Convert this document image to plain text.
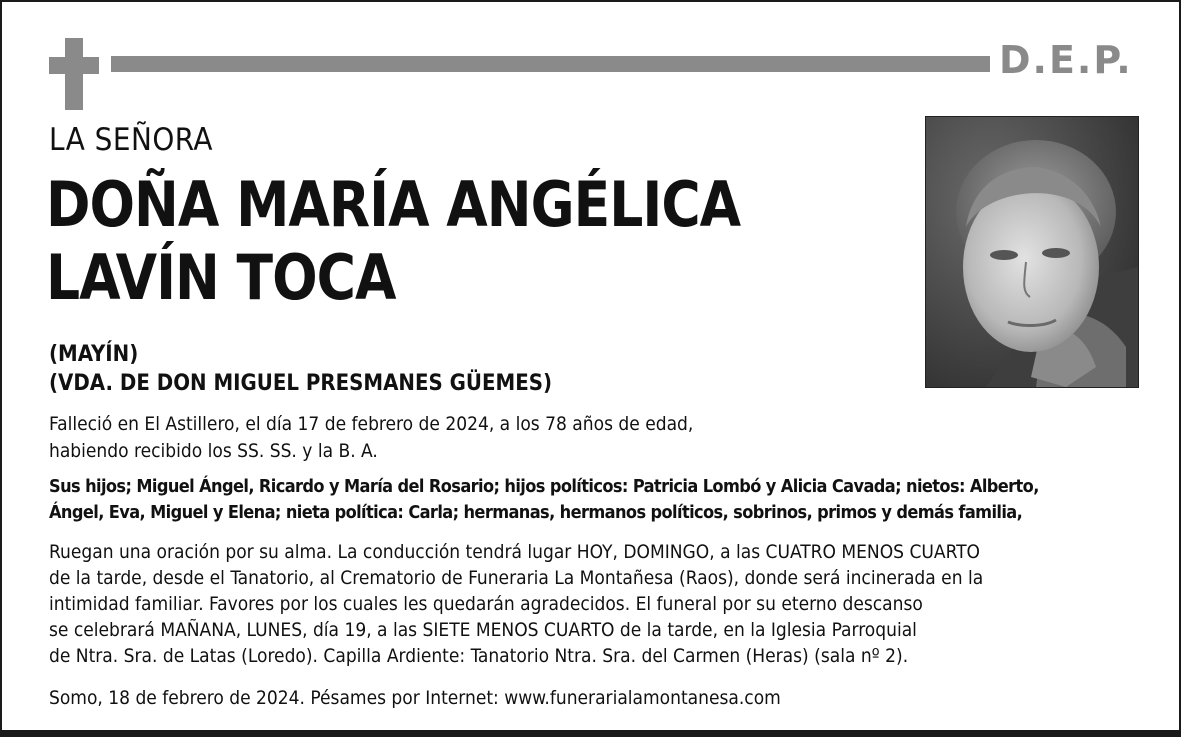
D.E.P.
LA SEÑORA
DOÑA MARÍA ANGÉLICA
LAVÍN TOCA
(MAYÍN)
(VDA. DE DON MIGUEL PRESMANES GÜEMES)
Falleció en El Astillero, el día 17 de febrero de 2024, a los 78 años de edad,
habiendo recibido los SS. SS. y la B. A.
Sus hijos; Miguel Ángel, Ricardo y María del Rosario; hijos políticos: Patricia Lombó y Alicia Cavada; nietos: Alberto,
Ángel, Eva, Miguel y Elena; nieta política: Carla; hermanas, hermanos políticos, sobrinos, primos y demás familia,
Ruegan una oración por su alma. La conducción tendrá lugar HOY, DOMINGO, a las CUATRO MENOS CUARTO
de la tarde, desde el Tanatorio, al Crematorio de Funeraria La Montañesa (Raos), donde será incinerada en la
intimidad familiar. Favores por los cuales les quedarán agradecidos. El funeral por su eterno descanso
se celebrará MAÑANA, LUNES, día 19, a las SIETE MENOS CUARTO de la tarde, en la Iglesia Parroquial
de Ntra. Sra. de Latas (Loredo). Capilla Ardiente: Tanatorio Ntra. Sra. del Carmen (Heras) (sala nº 2).
Somo, 18 de febrero de 2024. Pésames por Internet: www.funerarialamontanesa.com
